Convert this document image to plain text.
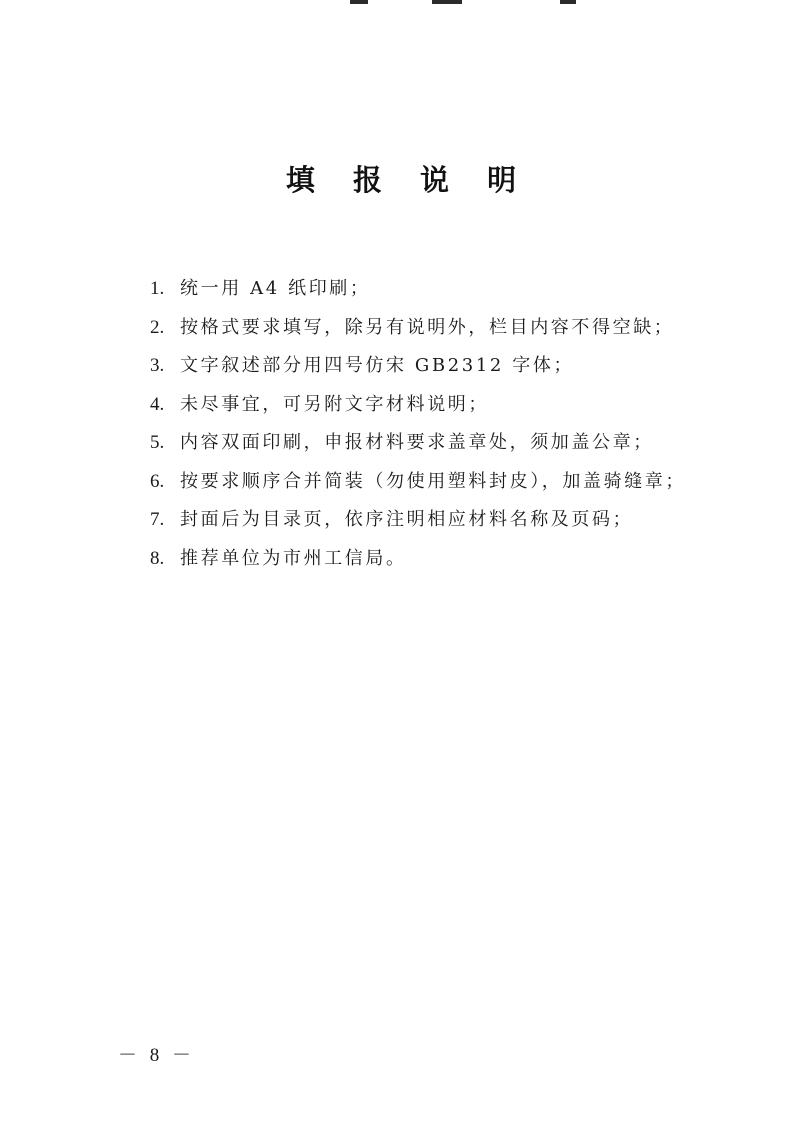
填 报 说 明
1. 统一用 A4 纸印刷；
2. 按格式要求填写，除另有说明外，栏目内容不得空缺；
3. 文字叙述部分用四号仿宋 GB2312 字体；
4. 未尽事宜，可另附文字材料说明；
5. 内容双面印刷，申报材料要求盖章处，须加盖公章；
6. 按要求顺序合并简装（勿使用塑料封皮），加盖骑缝章；
7. 封面后为目录页，依序注明相应材料名称及页码；
8. 推荐单位为市州工信局。
－ 8 －
